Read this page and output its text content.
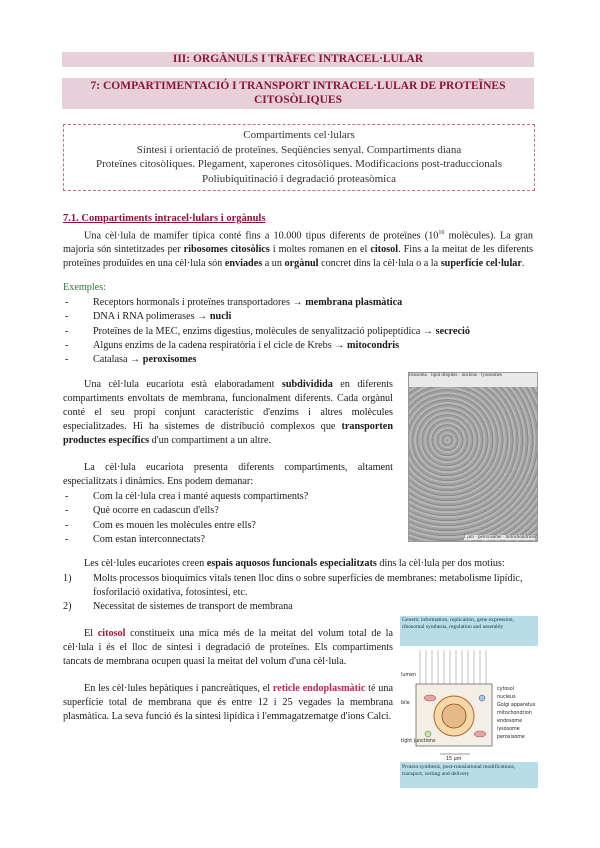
III: ORGÀNULS I TRÀFEC INTRACEL·LULAR
7: COMPARTIMENTACIÓ I TRANSPORT INTRACEL·LULAR DE PROTEÏNES CITOSÒLIQUES
Compartiments cel·lulars
Síntesi i orientació de proteïnes. Seqüències senyal. Compartiments diana
Proteïnes citosòliques. Plegament, xaperones citosòliques. Modificacions post-traduccionals
Poliubiquitinació i degradació proteasòmica
7.1. Compartiments intracel·lulars i orgànuls
Una cèl·lula de mamífer típica conté fins a 10.000 tipus diferents de proteïnes ($10^{10}$ molècules). La gran majoria són sintetitzades per ribosomes citosòlics i moltes romanen en el citosol. Fins a la meitat de les diferents proteïnes produïdes en una cèl·lula són enviades a un orgànul concret dins la cèl·lula o a la superfície cel·lular.
Exemples:
- Receptors hormonals i proteïnes transportadores → membrana plasmàtica
- DNA i RNA polimerases → nucli
- Proteïnes de la MEC, enzims digestius, molècules de senyalització polipeptídica → secreció
- Alguns enzims de la cadena respiratòria i el cicle de Krebs → mitocondris
- Catalasa → peroxisomes
Una cèl·lula eucariota està elaboradament subdividida en diferents compartiments envoltats de membrana, funcionalment diferents. Cada orgànul conté el seu propi conjunt característic d'enzims i altres molècules especialitzades. Hi ha sistemes de distribució complexos que transporten productes específics d'un compartiment a un altre.
lisosoma · lipid droplets · nucleus · lysosomes
1 μm · peroxisome · mitochondrion
La cèl·lula eucariota presenta diferents compartiments, altament especialitzats i dinàmics. Ens podem demanar:
- Com la cèl·lula crea i manté aquests compartiments?
- Què ocorre en cadascun d'ells?
- Com es mouen les molècules entre ells?
- Com estan interconnectats?
Les cèl·lules eucariotes creen espais aquosos funcionals especialitzats dins la cèl·lula per dos motius:
1) Molts processos bioquímics vitals tenen lloc dins o sobre superfícies de membranes: metabolisme lipídic, fosforilació oxidativa, fotosíntesi, etc.
2) Necessitat de sistemes de transport de membrana
El citosol constitueix una mica més de la meitat del volum total de la cèl·lula i és el lloc de síntesi i degradació de proteïnes. Els compartiments tancats de membrana ocupen quasi la meitat del volum d'una cèl·lula.
En les cèl·lules hepàtiques i pancreàtiques, el reticle endoplasmàtic té una superfície total de membrana que és entre 12 i 25 vegades la membrana plasmàtica. La seva funció és la síntesi lipídica i l'emmagatzematge d'ions Calci.
Genetic information, replication, gene expression, ribosomal synthesis, regulation and assembly
15 μm
lumen
bile
tight junctions
cytosol
nucleus
Golgi apparatus
mitochondrion
endosome
lysosome
peroxisome
Protein synthesis, post-translational modifications, transport, sorting and delivery
